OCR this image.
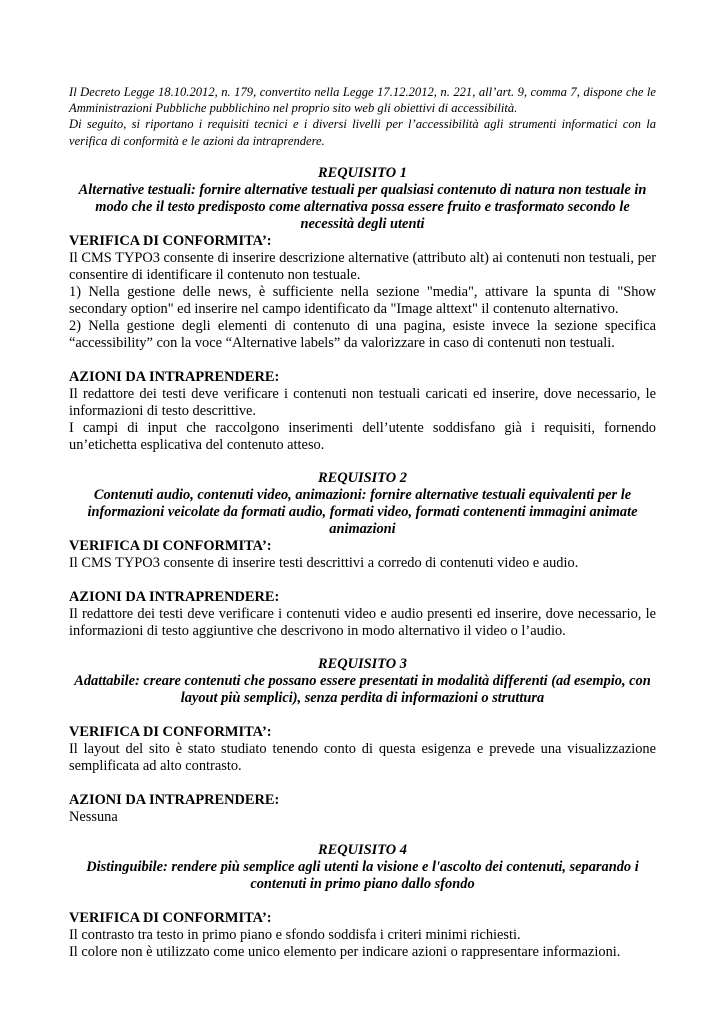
Il Decreto Legge 18.10.2012, n. 179, convertito nella Legge 17.12.2012, n. 221, all’art. 9, comma 7, dispone che le Amministrazioni Pubbliche pubblichino nel proprio sito web gli obiettivi di accessibilità.

Di seguito, si riportano i requisiti tecnici e i diversi livelli per l’accessibilità agli strumenti informatici con la verifica di conformità e le azioni da intraprendere.

REQUISITO 1
Alternative testuali: fornire alternative testuali per qualsiasi contenuto di natura non testuale in modo che il testo predisposto come alternativa possa essere fruito e trasformato secondo le necessità degli utenti
VERIFICA DI CONFORMITA’:

Il CMS TYPO3 consente di inserire descrizione alternative (attributo alt) ai contenuti non testuali, per consentire di identificare il contenuto non testuale.

1) Nella gestione delle news, è sufficiente nella sezione "media", attivare la spunta di "Show secondary option" ed inserire nel campo identificato da "Image alttext" il contenuto alternativo.

2) Nella gestione degli elementi di contenuto di una pagina, esiste invece la sezione specifica “accessibility” con la voce “Alternative labels” da valorizzare in caso di contenuti non testuali.

AZIONI DA INTRAPRENDERE:

Il redattore dei testi deve verificare i contenuti non testuali caricati ed inserire, dove necessario, le informazioni di testo descrittive.

I campi di input che raccolgono inserimenti dell’utente soddisfano già i requisiti, fornendo un’etichetta esplicativa del contenuto atteso.

REQUISITO 2
Contenuti audio, contenuti video, animazioni: fornire alternative testuali equivalenti per le informazioni veicolate da formati audio, formati video, formati contenenti immagini animate animazioni
VERIFICA DI CONFORMITA’:

Il CMS TYPO3 consente di inserire testi descrittivi a corredo di contenuti video e audio.

AZIONI DA INTRAPRENDERE:

Il redattore dei testi deve verificare i contenuti video e audio presenti ed inserire, dove necessario, le informazioni di testo aggiuntive che descrivono in modo alternativo il video o l’audio.

REQUISITO 3
Adattabile: creare contenuti che possano essere presentati in modalità differenti (ad esempio, con layout più semplici), senza perdita di informazioni o struttura
VERIFICA DI CONFORMITA’:

Il layout del sito è stato studiato tenendo conto di questa esigenza e prevede una visualizzazione semplificata ad alto contrasto.

AZIONI DA INTRAPRENDERE:

Nessuna

REQUISITO 4
Distinguibile: rendere più semplice agli utenti la visione e l'ascolto dei contenuti, separando i contenuti in primo piano dallo sfondo
VERIFICA DI CONFORMITA’:

Il contrasto tra testo in primo piano e sfondo soddisfa i criteri minimi richiesti.

Il colore non è utilizzato come unico elemento per indicare azioni o rappresentare informazioni.
